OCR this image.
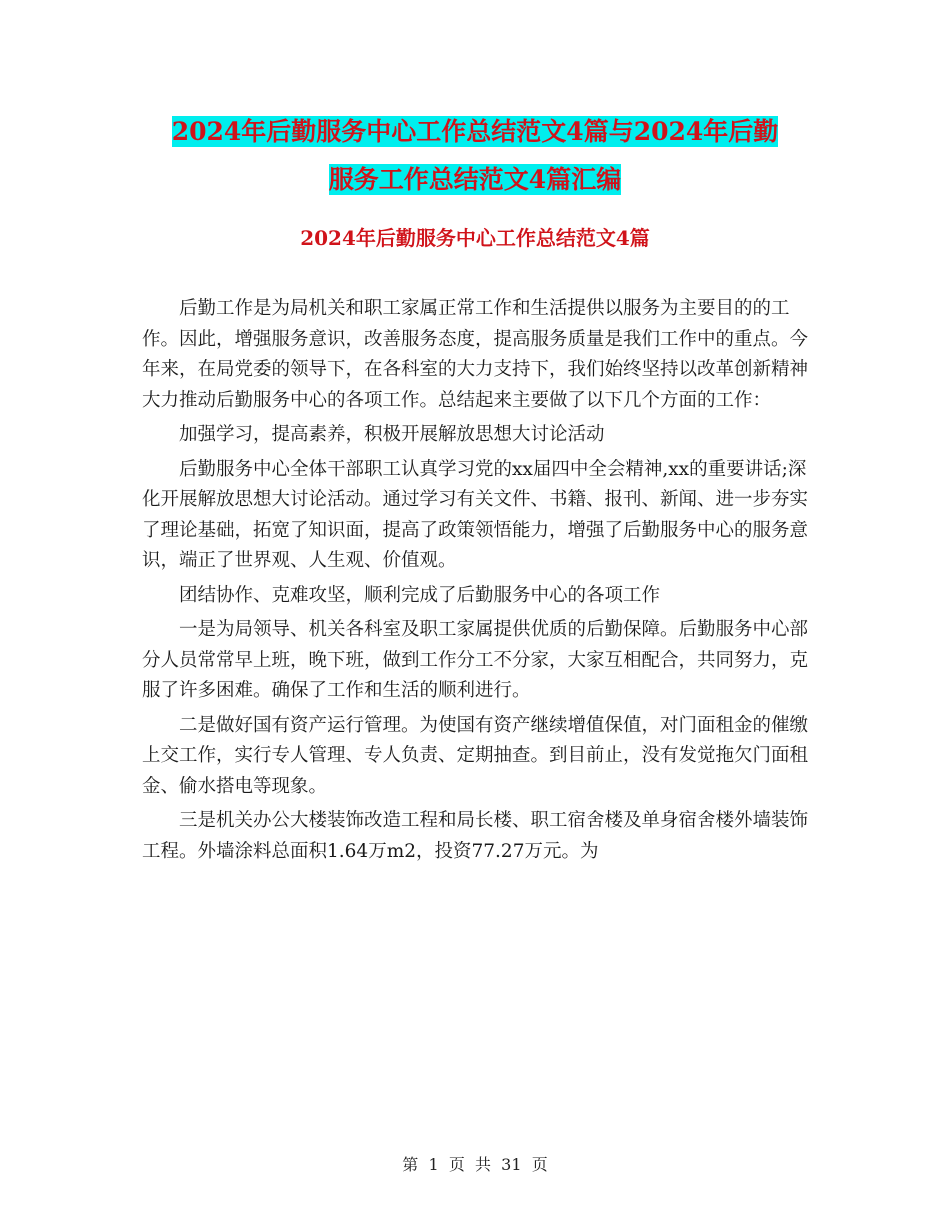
2024年后勤服务中心工作总结范文4篇与2024年后勤
服务工作总结范文4篇汇编
2024年后勤服务中心工作总结范文4篇

后勤工作是为局机关和职工家属正常工作和生活提供以服务为主要目的的工作。因此，增强服务意识，改善服务态度，提高服务质量是我们工作中的重点。今年来，在局党委的领导下，在各科室的大力支持下，我们始终坚持以改革创新精神大力推动后勤服务中心的各项工作。总结起来主要做了以下几个方面的工作：

加强学习，提高素养，积极开展解放思想大讨论活动

后勤服务中心全体干部职工认真学习党的xx届四中全会精神,xx的重要讲话;深化开展解放思想大讨论活动。通过学习有关文件、书籍、报刊、新闻、进一步夯实了理论基础，拓宽了知识面，提高了政策领悟能力，增强了后勤服务中心的服务意识，端正了世界观、人生观、价值观。

团结协作、克难攻坚，顺利完成了后勤服务中心的各项工作

一是为局领导、机关各科室及职工家属提供优质的后勤保障。后勤服务中心部分人员常常早上班，晚下班，做到工作分工不分家，大家互相配合，共同努力，克服了许多困难。确保了工作和生活的顺利进行。

二是做好国有资产运行管理。为使国有资产继续增值保值，对门面租金的催缴上交工作，实行专人管理、专人负责、定期抽查。到目前止，没有发觉拖欠门面租金、偷水搭电等现象。

三是机关办公大楼装饰改造工程和局长楼、职工宿舍楼及单身宿舍楼外墙装饰工程。外墙涂料总面积1.64万m2，投资77.27万元。为

第  1  页  共  31  页
